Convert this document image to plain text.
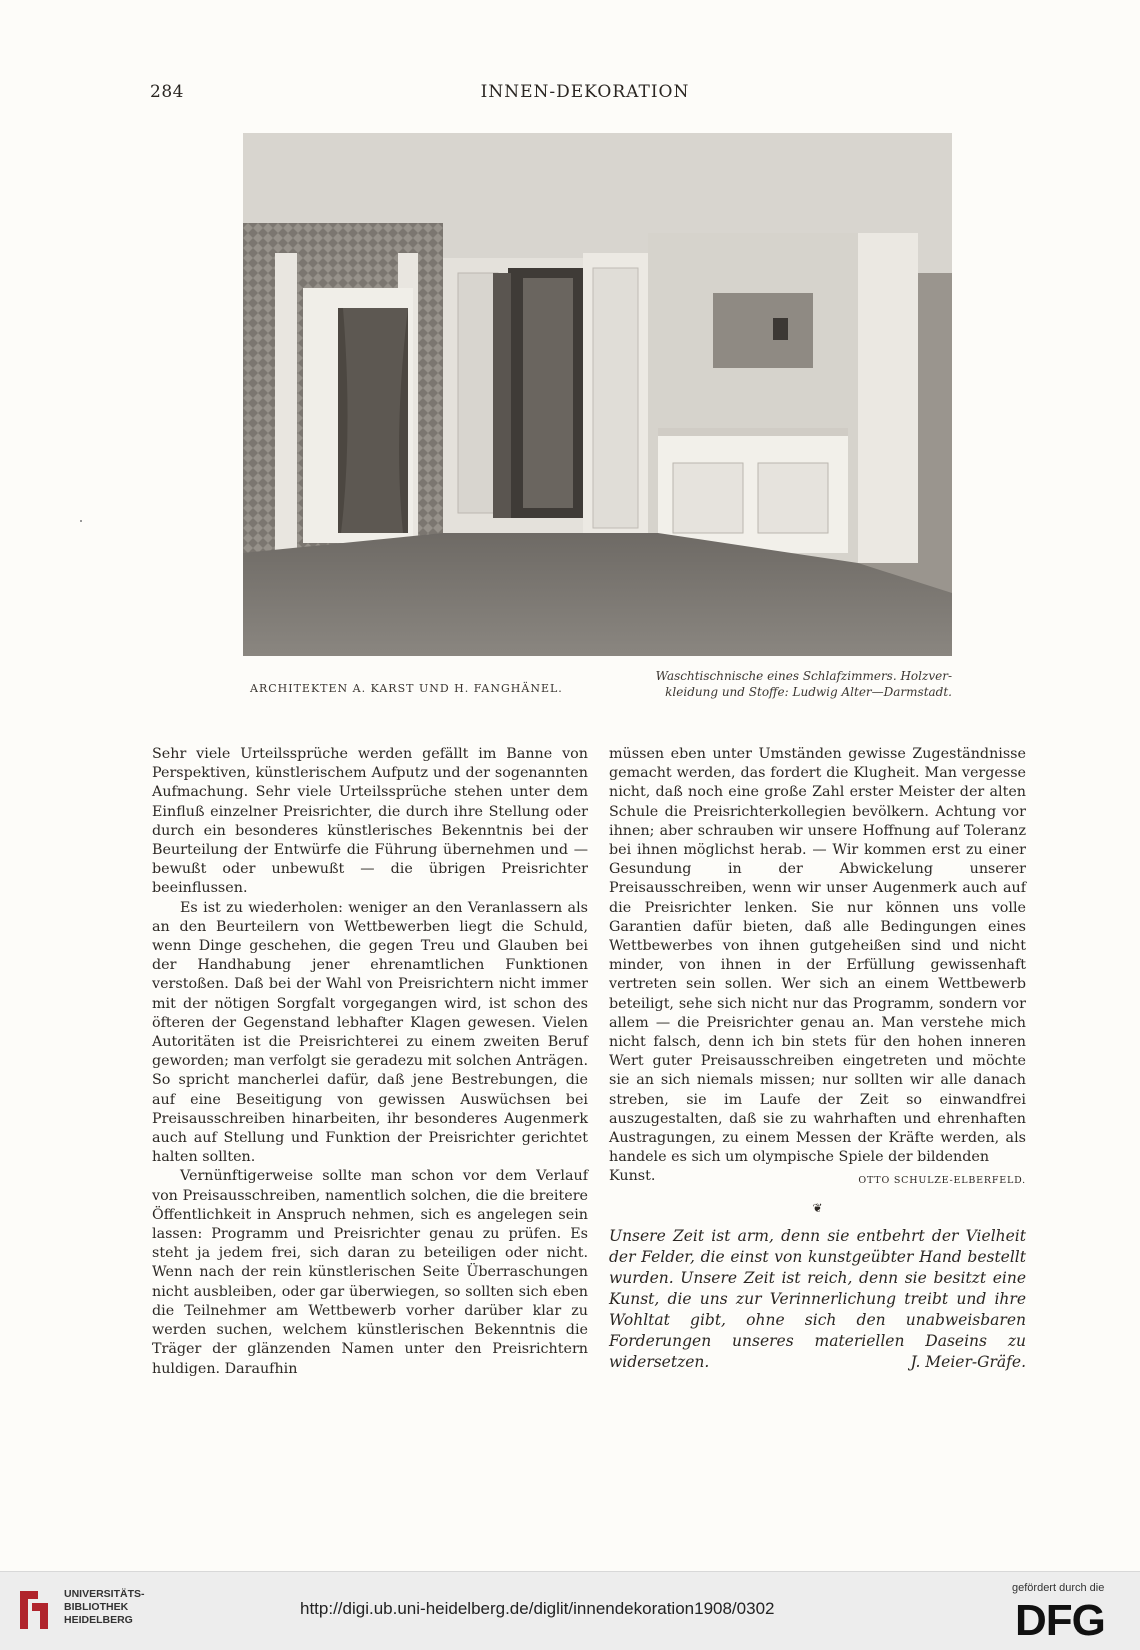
284	INNEN-DEKORATION
ARCHITEKTEN A. KARST UND H. FANGHÄNEL.
Waschtischnische eines Schlafzimmers. Holzver-
kleidung und Stoffe: Ludwig Alter—Darmstadt.

Sehr viele Urteilssprüche werden gefällt im Banne von Perspektiven, künstlerischem Aufputz und der sogenannten Aufmachung. Sehr viele Urteilssprüche stehen unter dem Einfluß einzelner Preisrichter, die durch ihre Stellung oder durch ein besonderes künstlerisches Bekenntnis bei der Beurteilung der Entwürfe die Führung übernehmen und — bewußt oder unbewußt — die übrigen Preisrichter beeinflussen.

Es ist zu wiederholen: weniger an den Veranlassern als an den Beurteilern von Wettbewerben liegt die Schuld, wenn Dinge geschehen, die gegen Treu und Glauben bei der Handhabung jener ehrenamtlichen Funktionen verstoßen. Daß bei der Wahl von Preisrichtern nicht immer mit der nötigen Sorgfalt vorgegangen wird, ist schon des öfteren der Gegenstand lebhafter Klagen gewesen. Vielen Autoritäten ist die Preisrichterei zu einem zweiten Beruf geworden; man verfolgt sie geradezu mit solchen Anträgen. So spricht mancherlei dafür, daß jene Bestrebungen, die auf eine Beseitigung von gewissen Auswüchsen bei Preisausschreiben hinarbeiten, ihr besonderes Augenmerk auch auf Stellung und Funktion der Preisrichter gerichtet halten sollten.

Vernünftigerweise sollte man schon vor dem Verlauf von Preisausschreiben, namentlich solchen, die die breitere Öffentlichkeit in Anspruch nehmen, sich es angelegen sein lassen: Programm und Preisrichter genau zu prüfen. Es steht ja jedem frei, sich daran zu beteiligen oder nicht. Wenn nach der rein künstlerischen Seite Überraschungen nicht ausbleiben, oder gar überwiegen, so sollten sich eben die Teilnehmer am Wettbewerb vorher darüber klar zu werden suchen, welchem künstlerischen Bekenntnis die Träger der glänzenden Namen unter den Preisrichtern huldigen. Daraufhin

müssen eben unter Umständen gewisse Zugeständnisse gemacht werden, das fordert die Klugheit. Man vergesse nicht, daß noch eine große Zahl erster Meister der alten Schule die Preisrichterkollegien bevölkern. Achtung vor ihnen; aber schrauben wir unsere Hoffnung auf Toleranz bei ihnen möglichst herab. — Wir kommen erst zu einer Gesundung in der Abwickelung unserer Preisausschreiben, wenn wir unser Augenmerk auch auf die Preisrichter lenken. Sie nur können uns volle Garantien dafür bieten, daß alle Bedingungen eines Wettbewerbes von ihnen gutgeheißen sind und nicht minder, von ihnen in der Erfüllung gewissenhaft vertreten sein sollen. Wer sich an einem Wettbewerb beteiligt, sehe sich nicht nur das Programm, sondern vor allem — die Preisrichter genau an. Man verstehe mich nicht falsch, denn ich bin stets für den hohen inneren Wert guter Preisausschreiben eingetreten und möchte sie an sich niemals missen; nur sollten wir alle danach streben, sie im Laufe der Zeit so einwandfrei auszugestalten, daß sie zu wahrhaften und ehrenhaften Austragungen, zu einem Messen der Kräfte werden, als handele es sich um olympische Spiele der bildenden

Kunst.	OTTO SCHULZE-ELBERFELD.

❦
Unsere Zeit ist arm, denn sie entbehrt der Vielheit der Felder, die einst von kunstgeübter Hand bestellt wurden. Unsere Zeit ist reich, denn sie besitzt eine Kunst, die uns zur Verinnerlichung treibt und ihre Wohltat gibt, ohne sich den unabweisbaren Forderungen unseres materiellen Daseins zu widersetzen.	J. Meier-Gräfe.
UNIVERSITÄTS-
BIBLIOTHEK
HEIDELBERG
http://digi.ub.uni-heidelberg.de/diglit/innendekoration1908/0302
gefördert durch die
DFG
